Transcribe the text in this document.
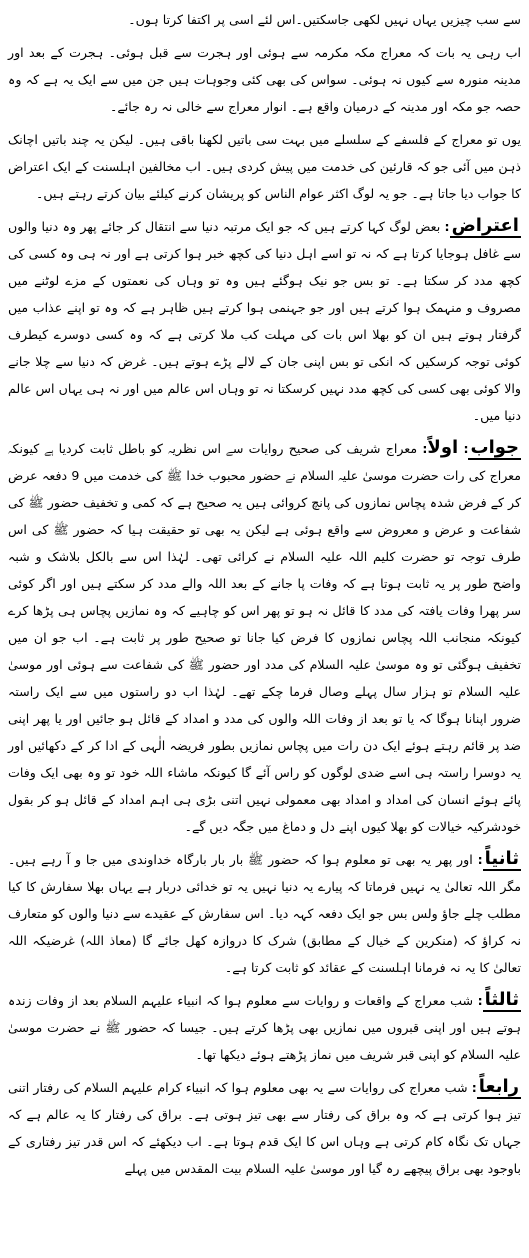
سے سب چیزیں یہاں نہیں لکھی جاسکتیں۔اس لئے اسی پر اکتفا کرتا ہوں۔

اب رہی یہ بات کہ معراج مکہ مکرمہ سے ہوئی اور ہجرت سے قبل ہوئی۔ ہجرت کے بعد اور مدینہ منورہ سے کیوں نہ ہوئی۔ سواس کی بھی کئی وجوہات ہیں جن میں سے ایک یہ ہے کہ وہ حصہ جو مکہ اور مدینہ کے درمیان واقع ہے۔ انوار معراج سے خالی نہ رہ جائے۔

یوں تو معراج کے فلسفے کے سلسلے میں بہت سی باتیں لکھنا باقی ہیں۔ لیکن یہ چند باتیں اچانک ذہن میں آئی جو کہ قارئین کی خدمت میں پیش کردی ہیں۔ اب مخالفین اہلسنت کے ایک اعتراض کا جواب دیا جاتا ہے۔ جو یہ لوگ اکثر عوام الناس کو پریشان کرنے کیلئے بیان کرتے رہتے ہیں۔

اعتراض: بعض لوگ کہا کرتے ہیں کہ جو ایک مرتبہ دنیا سے انتقال کر جائے پھر وہ دنیا والوں سے غافل ہوجایا کرتا ہے کہ نہ تو اسے اہل دنیا کی کچھ خبر ہوا کرتی ہے اور نہ ہی وہ کسی کی کچھ مدد کر سکتا ہے۔ تو بس جو نیک ہوگئے ہیں وہ تو وہاں کی نعمتوں کے مزے لوٹنے میں مصروف و منہمک ہوا کرتے ہیں اور جو جہنمی ہوا کرتے ہیں ظاہر ہے کہ وہ تو اپنے عذاب میں گرفتار ہوتے ہیں ان کو بھلا اس بات کی مہلت کب ملا کرتی ہے کہ وہ کسی دوسرے کیطرف کوئی توجہ کرسکیں کہ انکی تو بس اپنی جان کے لالے پڑے ہوتے ہیں۔ غرض کہ دنیا سے چلا جانے والا کوئی بھی کسی کی کچھ مدد نہیں کرسکتا نہ تو وہاں اس عالم میں اور نہ ہی یہاں اس عالم دنیا میں۔

جواب: اولاً: معراج شریف کی صحیح روایات سے اس نظریہ کو باطل ثابت کردیا ہے کیونکہ معراج کی رات حضرت موسیٰ علیہ السلام نے حضور محبوب خدا ﷺ کی خدمت میں 9 دفعہ عرض کر کے فرض شدہ پچاس نمازوں کی پانچ کروائی ہیں یہ صحیح ہے کہ کمی و تخفیف حضور ﷺ کی شفاعت و عرض و معروض سے واقع ہوئی ہے لیکن یہ بھی تو حقیقت ہیا کہ حضور ﷺ کی اس طرف توجہ تو حضرت کلیم اللہ علیہ السلام نے کرائی تھی۔ لہٰذا اس سے بالکل بلاشک و شبہ واضح طور پر یہ ثابت ہوتا ہے کہ وفات پا جانے کے بعد اللہ والے مدد کر سکتے ہیں اور اگر کوئی سر پھرا وفات یافتہ کی مدد کا قائل نہ ہو تو پھر اس کو چاہیے کہ وہ نمازیں پچاس ہی پڑھا کرے کیونکہ منجانب اللہ پچاس نمازوں کا فرض کیا جانا تو صحیح طور پر ثابت ہے۔ اب جو ان میں تخفیف ہوگئی تو وہ موسیٰ علیہ السلام کی مدد اور حضور ﷺ کی شفاعت سے ہوئی اور موسیٰ علیہ السلام تو ہزار سال پہلے وصال فرما چکے تھے۔ لہٰذا اب دو راستوں میں سے ایک راستہ ضرور اپنانا ہوگا کہ یا تو بعد از وفات اللہ والوں کی مدد و امداد کے قائل ہو جائیں اور یا پھر اپنی ضد پر قائم رہتے ہوئے ایک دن رات میں پچاس نمازیں بطور فریضہ الٰہی کے ادا کر کے دکھائیں اور یہ دوسرا راستہ ہی اسے ضدی لوگوں کو راس آئے گا کیونکہ ماشاء اللہ خود تو وہ بھی ایک وفات پائے ہوئے انسان کی امداد و امداد بھی معمولی نہیں اتنی بڑی ہی اہم امداد کے قائل ہو کر بقول خودشرکیہ خیالات کو بھلا کیوں اپنے دل و دماغ میں جگہ دیں گے۔

ثانیاً: اور پھر یہ بھی تو معلوم ہوا کہ حضور ﷺ بار بار بارگاہ خداوندی میں جا و آ رہے ہیں۔ مگر اللہ تعالیٰ یہ نہیں فرماتا کہ پیارے یہ دنیا نہیں یہ تو خدائی دربار ہے یہاں بھلا سفارش کا کیا مطلب چلے جاؤ ولس بس جو ایک دفعہ کہہ دیا۔ اس سفارش کے عقیدے سے دنیا والوں کو متعارف نہ کراؤ کہ (منکرین کے خیال کے مطابق) شرک کا دروازہ کھل جائے گا (معاذ اللہ) غرضیکہ اللہ تعالیٰ کا یہ نہ فرمانا اہلسنت کے عقائد کو ثابت کرتا ہے۔

ثالثاً: شب معراج کے واقعات و روایات سے معلوم ہوا کہ انبیاء علیہم السلام بعد از وفات زندہ ہوتے ہیں اور اپنی قبروں میں نمازیں بھی پڑھا کرتے ہیں۔ جیسا کہ حضور ﷺ نے حضرت موسیٰ علیہ السلام کو اپنی قبر شریف میں نماز پڑھتے ہوئے دیکھا تھا۔

رابعاً: شب معراج کی روایات سے یہ بھی معلوم ہوا کہ انبیاء کرام علیہم السلام کی رفتار اتنی تیز ہوا کرتی ہے کہ وہ براق کی رفتار سے بھی تیز ہوتی ہے۔ براق کی رفتار کا یہ عالم ہے کہ جہاں تک نگاہ کام کرتی ہے وہاں اس کا ایک قدم ہوتا ہے۔ اب دیکھئے کہ اس قدر تیز رفتاری کے باوجود بھی براق پیچھے رہ گیا اور موسیٰ علیہ السلام بیت المقدس میں پہلے
